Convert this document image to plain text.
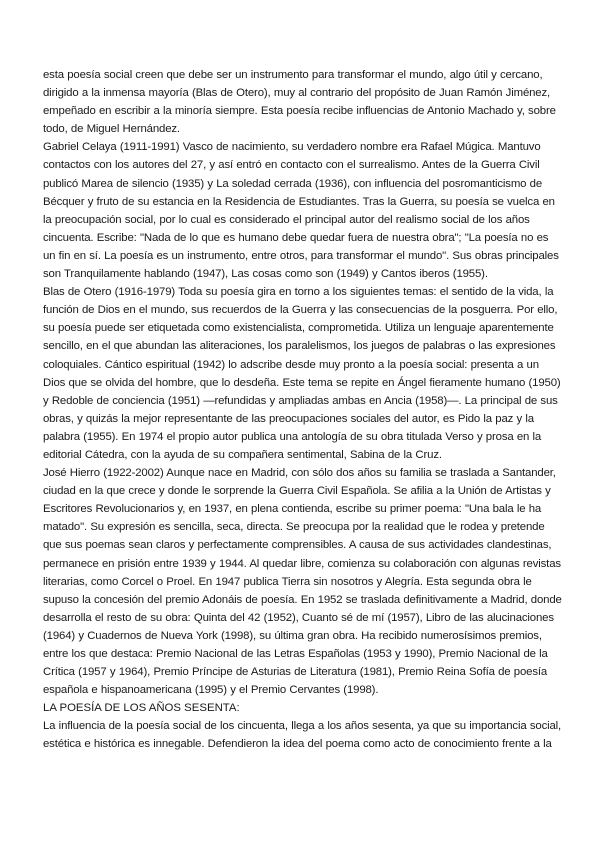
esta poesía social creen que debe ser un instrumento para transformar el mundo, algo útil y cercano, dirigido a la inmensa mayoría (Blas de Otero), muy al contrario del propósito de Juan Ramón Jiménez, empeñado en escribir a la minoría siempre. Esta poesía recibe influencias de Antonio Machado y, sobre todo, de Miguel Hernández.

Gabriel Celaya (1911-1991) Vasco de nacimiento, su verdadero nombre era Rafael Múgica. Mantuvo contactos con los autores del 27, y así entró en contacto con el surrealismo. Antes de la Guerra Civil publicó Marea de silencio (1935) y La soledad cerrada (1936), con influencia del posromanticismo de Bécquer y fruto de su estancia en la Residencia de Estudiantes. Tras la Guerra, su poesía se vuelca en la preocupación social, por lo cual es considerado el principal autor del realismo social de los años cincuenta. Escribe: "Nada de lo que es humano debe quedar fuera de nuestra obra"; "La poesía no es un fin en sí. La poesía es un instrumento, entre otros, para transformar el mundo". Sus obras principales son Tranquilamente hablando (1947), Las cosas como son (1949) y Cantos iberos (1955).

Blas de Otero (1916-1979) Toda su poesía gira en torno a los siguientes temas: el sentido de la vida, la función de Dios en el mundo, sus recuerdos de la Guerra y las consecuencias de la posguerra. Por ello, su poesía puede ser etiquetada como existencialista, comprometida. Utiliza un lenguaje aparentemente sencillo, en el que abundan las aliteraciones, los paralelismos, los juegos de palabras o las expresiones coloquiales. Cántico espiritual (1942) lo adscribe desde muy pronto a la poesía social: presenta a un Dios que se olvida del hombre, que lo desdeña. Este tema se repite en Ángel fieramente humano (1950) y Redoble de conciencia (1951) —refundidas y ampliadas ambas en Ancia (1958)—. La principal de sus obras, y quizás la mejor representante de las preocupaciones sociales del autor, es Pido la paz y la palabra (1955). En 1974 el propio autor publica una antología de su obra titulada Verso y prosa en la editorial Cátedra, con la ayuda de su compañera sentimental, Sabina de la Cruz.

José Hierro (1922-2002) Aunque nace en Madrid, con sólo dos años su familia se traslada a Santander, ciudad en la que crece y donde le sorprende la Guerra Civil Española. Se afilia a la Unión de Artistas y Escritores Revolucionarios y, en 1937, en plena contienda, escribe su primer poema: "Una bala le ha matado". Su expresión es sencilla, seca, directa. Se preocupa por la realidad que le rodea y pretende que sus poemas sean claros y perfectamente comprensibles. A causa de sus actividades clandestinas, permanece en prisión entre 1939 y 1944. Al quedar libre, comienza su colaboración con algunas revistas literarias, como Corcel o Proel. En 1947 publica Tierra sin nosotros y Alegría. Esta segunda obra le supuso la concesión del premio Adonáis de poesía. En 1952 se traslada definitivamente a Madrid, donde desarrolla el resto de su obra: Quinta del 42 (1952), Cuanto sé de mí (1957), Libro de las alucinaciones (1964) y Cuadernos de Nueva York (1998), su última gran obra. Ha recibido numerosísimos premios, entre los que destaca: Premio Nacional de las Letras Españolas (1953 y 1990), Premio Nacional de la Crítica (1957 y 1964), Premio Príncipe de Asturias de Literatura (1981), Premio Reina Sofía de poesía española e hispanoamericana (1995) y el Premio Cervantes (1998).

LA POESÍA DE LOS AÑOS SESENTA:

La influencia de la poesía social de los cincuenta, llega a los años sesenta, ya que su importancia social, estética e histórica es innegable. Defendieron la idea del poema como acto de conocimiento frente a la
